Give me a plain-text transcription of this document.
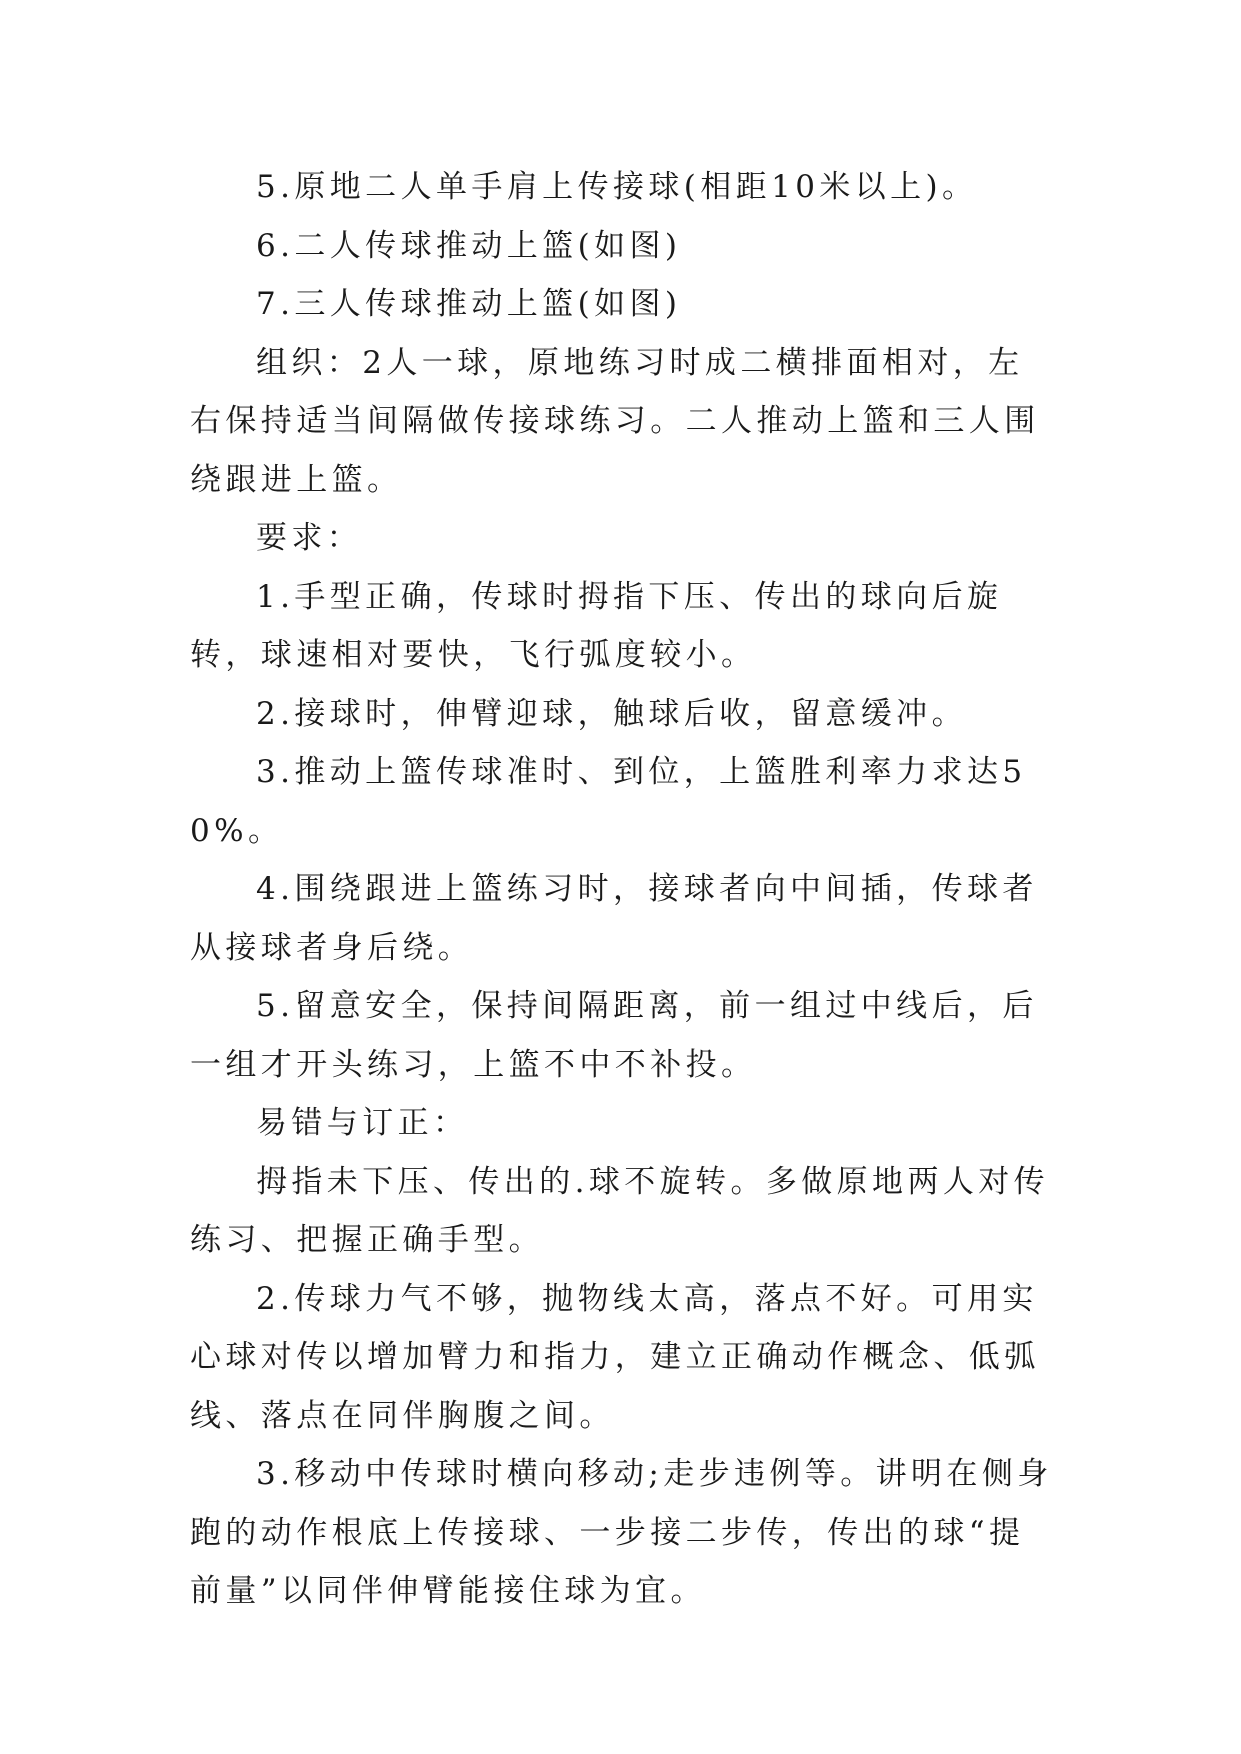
5.原地二人单手肩上传接球(相距10米以上)。

6.二人传球推动上篮(如图)

7.三人传球推动上篮(如图)

组织：2人一球，原地练习时成二横排面相对，左右保持适当间隔做传接球练习。二人推动上篮和三人围绕跟进上篮。

要求：

1.手型正确，传球时拇指下压、传出的球向后旋转，球速相对要快，飞行弧度较小。

2.接球时，伸臂迎球，触球后收，留意缓冲。

3.推动上篮传球准时、到位，上篮胜利率力求达50%。

4.围绕跟进上篮练习时，接球者向中间插，传球者从接球者身后绕。

5.留意安全，保持间隔距离，前一组过中线后，后一组才开头练习，上篮不中不补投。

易错与订正：

拇指未下压、传出的.球不旋转。多做原地两人对传练习、把握正确手型。

2.传球力气不够，抛物线太高，落点不好。可用实心球对传以增加臂力和指力，建立正确动作概念、低弧线、落点在同伴胸腹之间。

3.移动中传球时横向移动;走步违例等。讲明在侧身跑的动作根底上传接球、一步接二步传，传出的球“提前量”以同伴伸臂能接住球为宜。
